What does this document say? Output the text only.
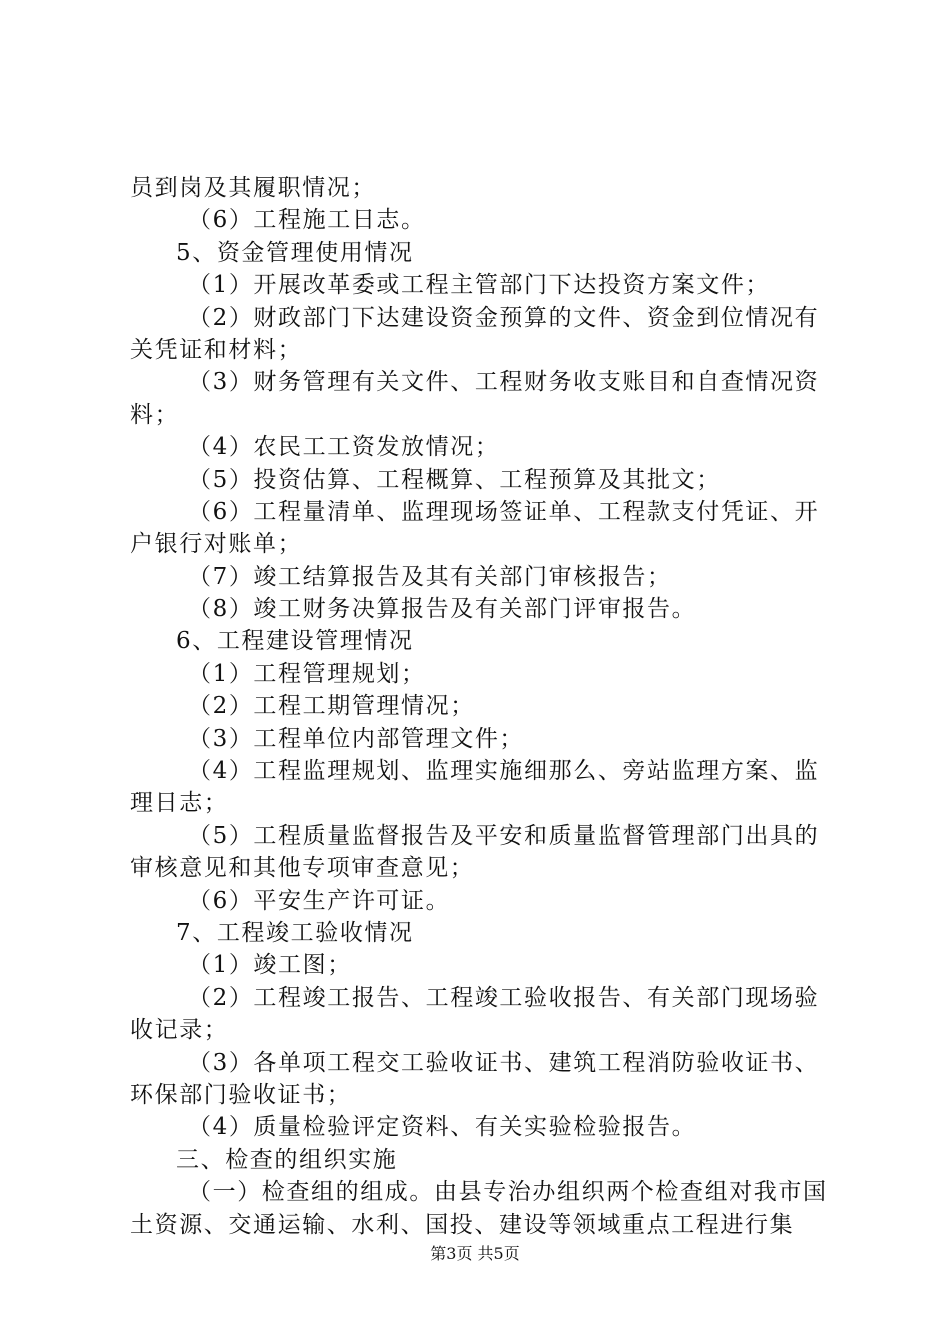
员到岗及其履职情况；
（6）工程施工日志。
5、资金管理使用情况
（1）开展改革委或工程主管部门下达投资方案文件；
（2）财政部门下达建设资金预算的文件、资金到位情况有
关凭证和材料；
（3）财务管理有关文件、工程财务收支账目和自查情况资
料；
（4）农民工工资发放情况；
（5）投资估算、工程概算、工程预算及其批文；
（6）工程量清单、监理现场签证单、工程款支付凭证、开
户银行对账单；
（7）竣工结算报告及其有关部门审核报告；
（8）竣工财务决算报告及有关部门评审报告。
6、工程建设管理情况
（1）工程管理规划；
（2）工程工期管理情况；
（3）工程单位内部管理文件；
（4）工程监理规划、监理实施细那么、旁站监理方案、监
理日志；
（5）工程质量监督报告及平安和质量监督管理部门出具的
审核意见和其他专项审查意见；
（6）平安生产许可证。
7、工程竣工验收情况
（1）竣工图；
（2）工程竣工报告、工程竣工验收报告、有关部门现场验
收记录；
（3）各单项工程交工验收证书、建筑工程消防验收证书、
环保部门验收证书；
（4）质量检验评定资料、有关实验检验报告。
三、检查的组织实施
（一）检查组的组成。由县专治办组织两个检查组对我市国
土资源、交通运输、水利、国投、建设等领域重点工程进行集
第3页 共5页
